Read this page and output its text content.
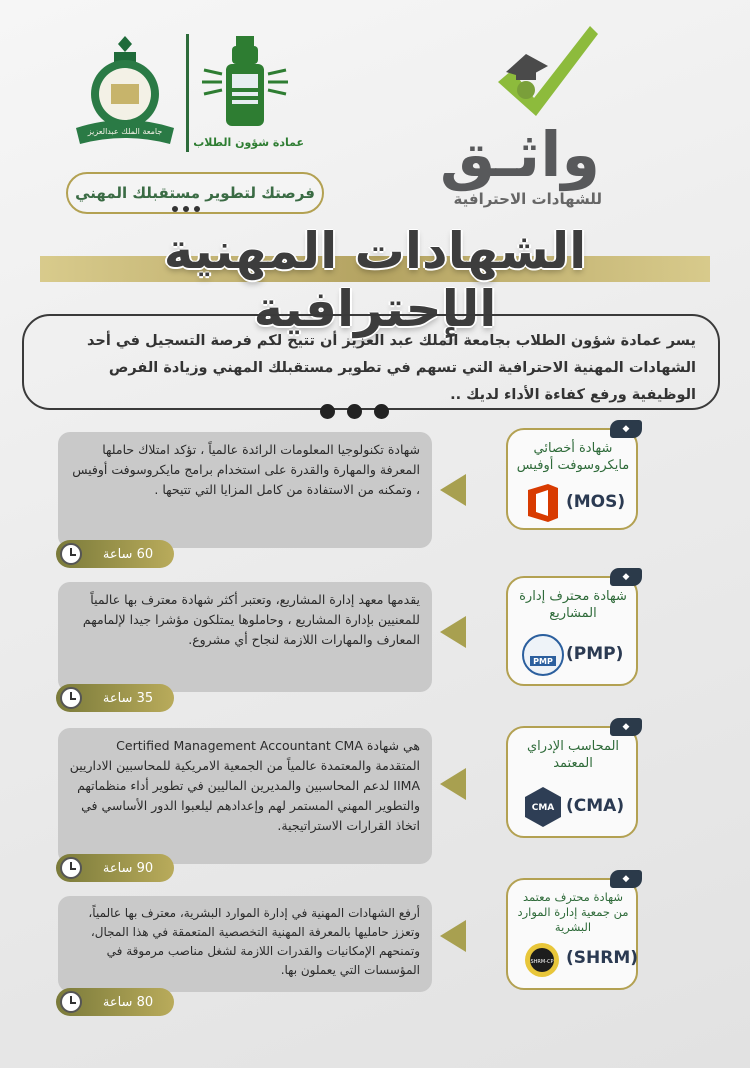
واثـق
للشهادات الاحترافية
عمادة شؤون الطلاب
جامعة الملك عبدالعزيز
فرصتك لتطوير مستقبلك المهني
الشهادات المهنية الإحترافية
يسر عمادة شؤون الطلاب بجامعة الملك عبد العزيز أن تتيح لكم فرصة التسجيل في أحد الشهادات المهنية الاحترافية التي تسهم في تطوير مستقبلك المهني وزيادة الفرص الوظيفية ورفع كفاءة الأداء لديك ..
◆
شهادة أخصائي مايكروسوفت أوفيس
(MOS)
شهادة تكنولوجيا المعلومات الرائدة عالمياً ، تؤكد امتلاك حاملها المعرفة والمهارة والقدرة على استخدام برامج مايكروسوفت أوفيس ، وتمكنه من الاستفادة من كامل المزايا التي تتيحها .
60 ساعة
◆
شهادة محترف إدارة المشاريع
PMP (PMP)
يقدمها معهد إدارة المشاريع، وتعتبر أكثر شهادة معترف بها عالمياً للمعنيين بإدارة المشاريع ، وحاملوها يمتلكون مؤشرا جيدا لإلمامهم المعارف والمهارات اللازمة لنجاح أي مشروع.
35 ساعة
◆
المحاسب الإدراي المعتمد
CMA (CMA)
هي شهادة Certified Management Accountant CMA المتقدمة والمعتمدة عالمياً من الجمعية الامريكية للمحاسبين الاداريين IIMA لدعم المحاسبين والمديرين الماليين في تطوير أداء منظماتهم والتطوير المهني المستمر لهم وإعدادهم ليلعبوا الدور الأساسي في اتخاذ القرارات الاستراتيجية.
90 ساعة
◆
شهادة محترف معتمد من جمعية إدارة الموارد البشرية
SHRM-CP (SHRM)
أرفع الشهادات المهنية في إدارة الموارد البشرية، معترف بها عالمياً، وتعزز حامليها بالمعرفة المهنية التخصصية المتعمقة في هذا المجال، وتمنحهم الإمكانيات والقدرات اللازمة لشغل مناصب مرموقة في المؤسسات التي يعملون بها.
80 ساعة
